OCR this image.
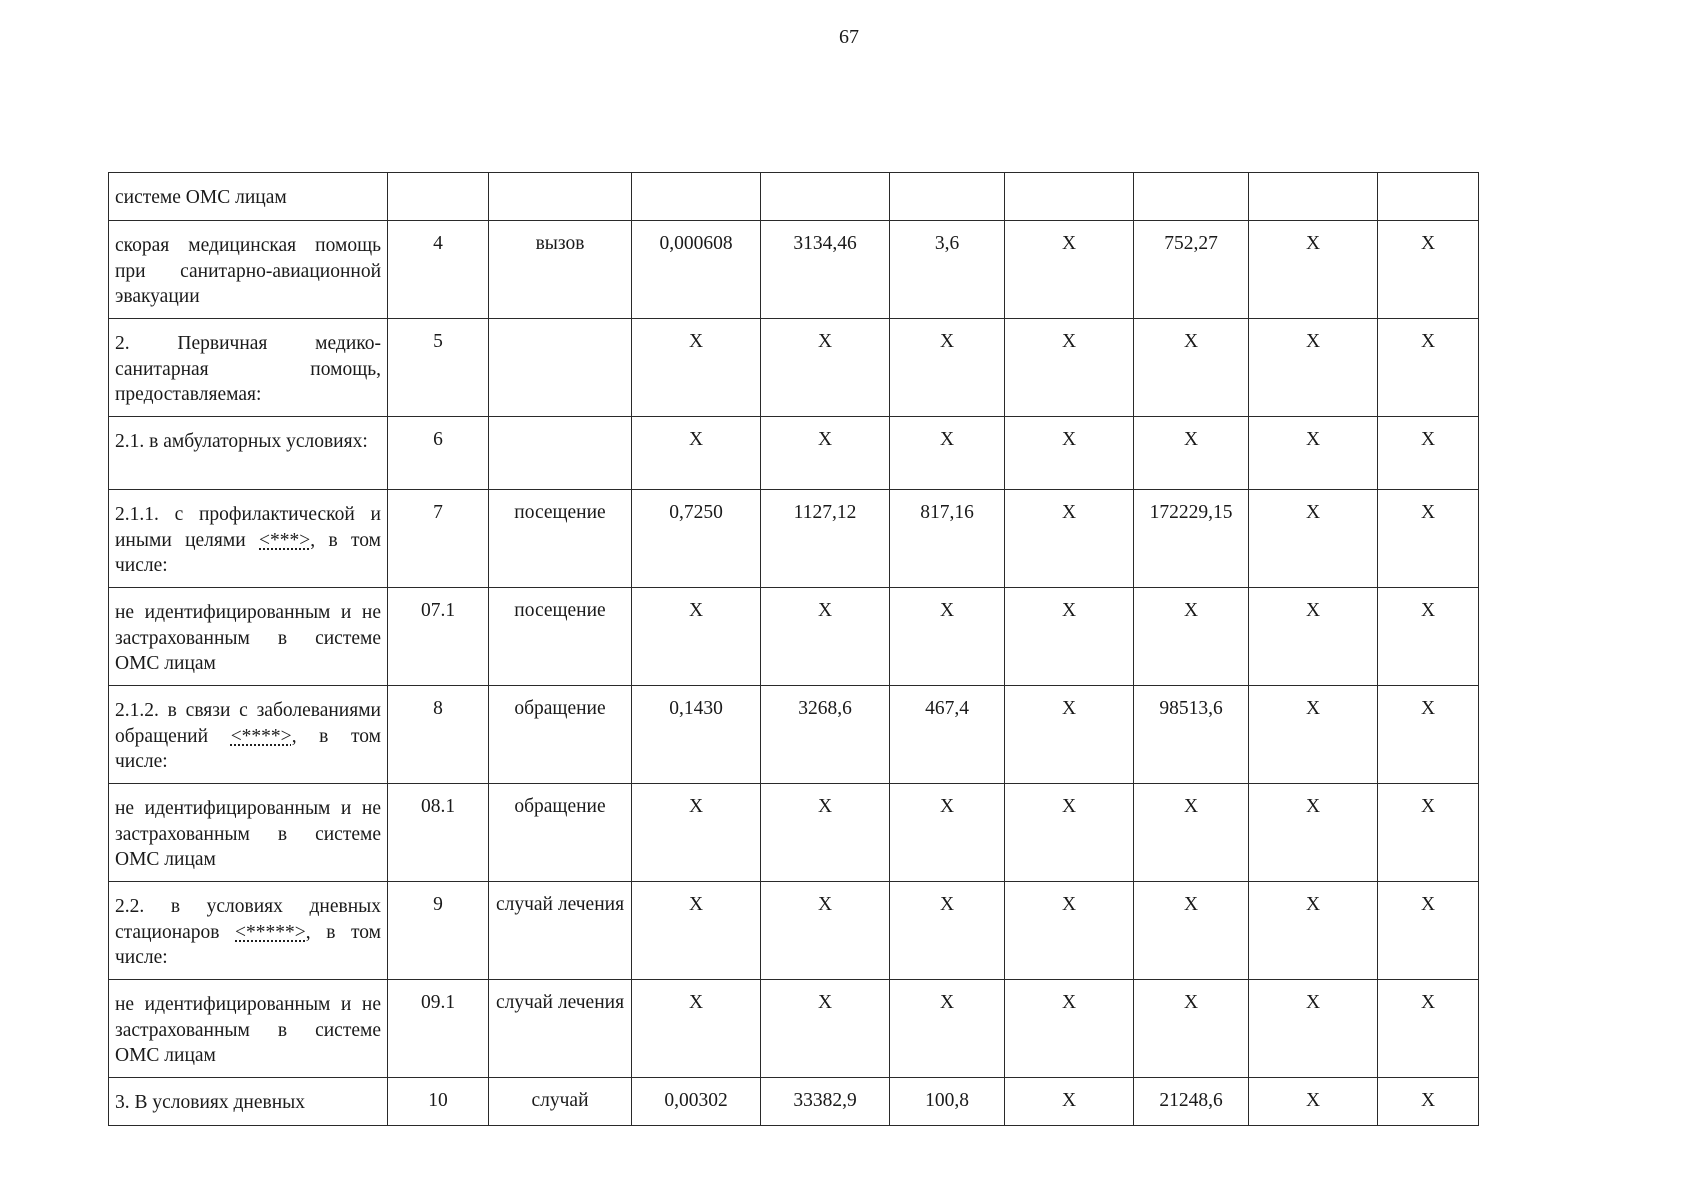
67
системе ОМС лицам									
скорая медицинская помощь при санитарно-авиационной эвакуации	4	вызов	0,000608	3134,46	3,6	X	752,27	X	X
2. Первичная медико-санитарная помощь, предоставляемая:	5		X	X	X	X	X	X	X
2.1. в амбулаторных условиях:	6		X	X	X	X	X	X	X
2.1.1. с профилактической и иными целями <***>, в том числе:	7	посещение	0,7250	1127,12	817,16	X	172229,15	X	X
не идентифицированным и не застрахованным в системе ОМС лицам	07.1	посещение	X	X	X	X	X	X	X
2.1.2. в связи с заболеваниями обращений <****>, в том числе:	8	обращение	0,1430	3268,6	467,4	X	98513,6	X	X
не идентифицированным и не застрахованным в системе ОМС лицам	08.1	обращение	X	X	X	X	X	X	X
2.2. в условиях дневных стационаров <*****>, в том числе:	9	случай лечения	X	X	X	X	X	X	X
не идентифицированным и не застрахованным в системе ОМС лицам	09.1	случай лечения	X	X	X	X	X	X	X
3. В условиях дневных	10	случай	0,00302	33382,9	100,8	X	21248,6	X	X
